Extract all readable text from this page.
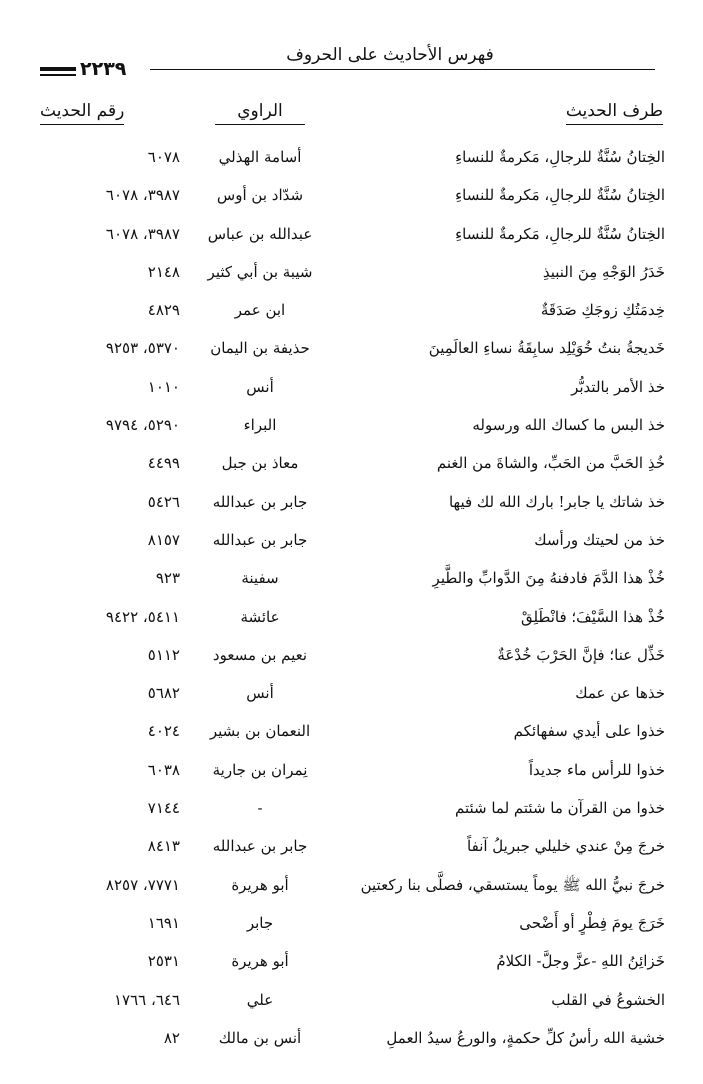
فهرس الأحاديث على الحروف
٢٢٣٩
طرف الحديث
الراوي
رقم الحديث
الخِتانُ سُنَّةٌ للرجالِ، مَكرمةٌ للنساءِ
أسامة الهذلي
٦٠٧٨
الخِتانُ سُنَّةٌ للرجالِ، مَكرمةٌ للنساءِ
شدّاد بن أوس
٣٩٨٧، ٦٠٧٨
الخِتانُ سُنَّةٌ للرجالِ، مَكرمةٌ للنساءِ
عبدالله بن عباس
٣٩٨٧، ٦٠٧٨
خَدَرُ الوَجْهِ مِنَ النبيذِ
شيبة بن أبي كثير
٢١٤٨
خِدمَتُكِ زوجَكِ صَدَقَةٌ
ابن عمر
٤٨٢٩
خَديجةُ بنتُ خُوَيْلِد سابِقَةُ نساءِ العالَمِينَ
حذيفة بن اليمان
٥٣٧٠، ٩٢٥٣
خذ الأمر بالتدبُّر
أنس
١٠١٠
خذ البس ما كساك الله ورسوله
البراء
٥٢٩٠، ٩٧٩٤
خُذِ الحَبَّ من الحَبِّ، والشاةَ من الغنم
معاذ بن جبل
٤٤٩٩
خذ شاتك يا جابر! بارك الله لك فيها
جابر بن عبدالله
٥٤٢٦
خذ من لحيتك ورأسك
جابر بن عبدالله
٨١٥٧
خُذْ هذا الدَّمَ فادفنهُ مِنَ الدَّوابِّ والطَّيرِ
سفينة
٩٢٣
خُذْ هذا السَّيْفَ؛ فانْطَلِقْ
عائشة
٥٤١١، ٩٤٢٢
خَذِّل عنا؛ فإنَّ الحَرْبَ خُدْعَةٌ
نعيم بن مسعود
٥١١٢
خذها عن عمك
أنس
٥٦٨٢
خذوا على أيدي سفهائكم
النعمان بن بشير
٤٠٢٤
خذوا للرأس ماء جديداً
نِمران بن جارية
٦٠٣٨
خذوا من القرآن ما شئتم لما شئتم
-
٧١٤٤
خرجَ مِنْ عندي خليلي جبريلُ آنفاً
جابر بن عبدالله
٨٤١٣
خرجَ نبيُّ الله ﷺ يوماً يستسقي، فصلَّى بنا ركعتين
أبو هريرة
٧٧٧١، ٨٢٥٧
خَرَجَ يومَ فِطْرٍ أو أَضْحى
جابر
١٦٩١
خَزائِنُ اللهِ -عزَّ وجلَّ- الكلامُ
أبو هريرة
٢٥٣١
الخشوعُ في القلب
علي
٦٤٦، ١٧٦٦
خشية الله رأسُ كلِّ حكمةٍ، والورعُ سيدُ العملِ
أنس بن مالك
٨٢
